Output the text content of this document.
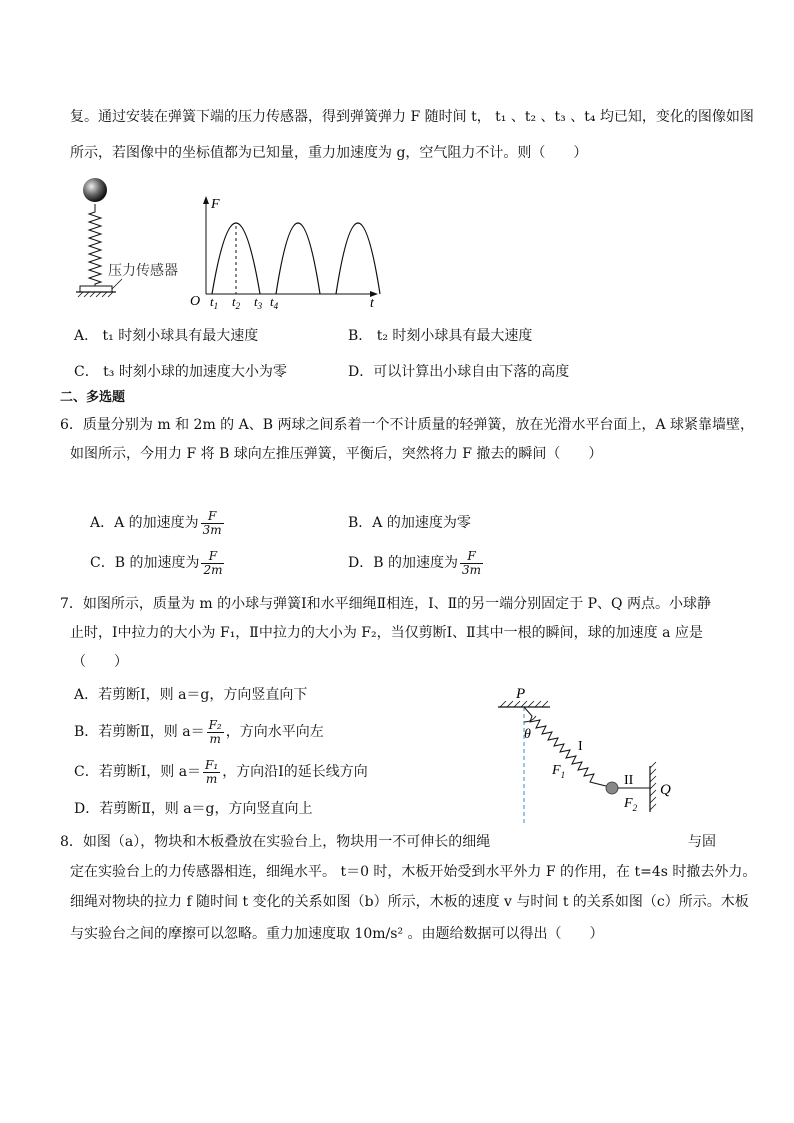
复。通过安装在弹簧下端的压力传感器，得到弹簧弹力 F 随时间 t， t₁ 、t₂ 、t₃ 、t₄ 均已知，变化的图像如图
所示，若图像中的坐标值都为已知量，重力加速度为 g，空气阻力不计。则（　　）
压力传感器
F
t
O $t_1$ $t_2$ $t_3$ $t_4$
A． t₁ 时刻小球具有最大速度	B． t₂ 时刻小球具有最大速度
C． t₃ 时刻小球的加速度大小为零	D．可以计算出小球自由下落的高度
二、多选题
6．质量分别为 m 和 2m 的 A、B 两球之间系着一个不计质量的轻弹簧，放在光滑水平台面上，A 球紧靠墙壁，
如图所示，今用力 F 将 B 球向左推压弹簧，平衡后，突然将力 F 撤去的瞬间（　　）
A．A 的加速度为 $\frac{F}{3m}$	B．A 的加速度为零
C．B 的加速度为 $\frac{F}{2m}$	D．B 的加速度为 $\frac{F}{3m}$
7．如图所示，质量为 m 的小球与弹簧Ⅰ和水平细绳Ⅱ相连，Ⅰ、Ⅱ的另一端分别固定于 P、Q 两点。小球静
止时，Ⅰ中拉力的大小为 F₁，Ⅱ中拉力的大小为 F₂，当仅剪断Ⅰ、Ⅱ其中一根的瞬间，球的加速度 a 应是
（　　）
A．若剪断Ⅰ，则 a＝g，方向竖直向下
B．若剪断Ⅱ，则 $a= \frac{\text{F₂}}{m}$ ，方向水平向左
C．若剪断Ⅰ，则 $a= \frac{\text{F₁}}{m}$ ，方向沿Ⅰ的延长线方向
D．若剪断Ⅱ，则 a＝g，方向竖直向上
P
θ
I
$F_1$	II
$F_2$
Q
8．如图（a），物块和木板叠放在实验台上，物块用一不可伸长的细绳	与固
定在实验台上的力传感器相连，细绳水平。 t＝0 时，木板开始受到水平外力 F 的作用，在 t=4s 时撤去外力。
细绳对物块的拉力 f 随时间 t 变化的关系如图（b）所示，木板的速度 v 与时间 t 的关系如图（c）所示。木板
与实验台之间的摩擦可以忽略。重力加速度取 10m/s² 。由题给数据可以得出（　　）
